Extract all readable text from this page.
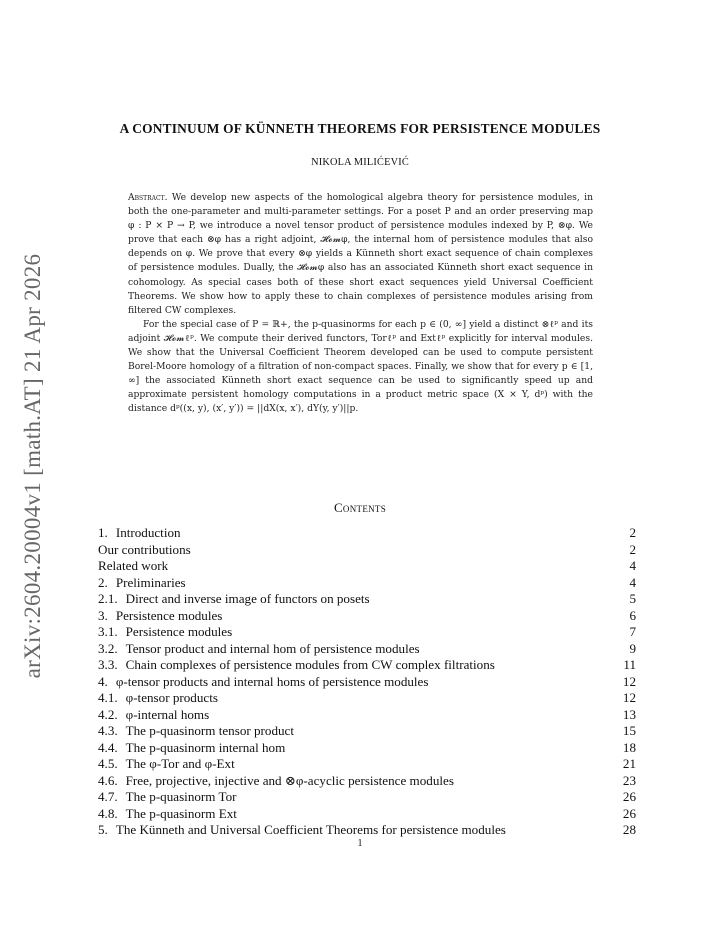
arXiv:2604.20004v1 [math.AT] 21 Apr 2026
A CONTINUUM OF KÜNNETH THEOREMS FOR PERSISTENCE MODULES
NIKOLA MILIĆEVIĆ

Abstract. We develop new aspects of the homological algebra theory for persistence modules, in both the one-parameter and multi-parameter settings. For a poset P and an order preserving map φ : P × P → P, we introduce a novel tensor product of persistence modules indexed by P, ⊗φ. We prove that each ⊗φ has a right adjoint, 𝓗𝓸𝓶φ, the internal hom of persistence modules that also depends on φ. We prove that every ⊗φ yields a Künneth short exact sequence of chain complexes of persistence modules. Dually, the 𝓗𝓸𝓶φ also has an associated Künneth short exact sequence in cohomology. As special cases both of these short exact sequences yield Universal Coefficient Theorems. We show how to apply these to chain complexes of persistence modules arising from filtered CW complexes.

For the special case of P = ℝ+, the p-quasinorms for each p ∈ (0, ∞] yield a distinct ⊗ℓᵖ and its adjoint 𝓗𝓸𝓶ℓᵖ. We compute their derived functors, Torℓᵖ and Extℓᵖ explicitly for interval modules. We show that the Universal Coefficient Theorem developed can be used to compute persistent Borel-Moore homology of a filtration of non-compact spaces. Finally, we show that for every p ∈ [1, ∞] the associated Künneth short exact sequence can be used to significantly speed up and approximate persistent homology computations in a product metric space (X × Y, dᵖ) with the distance dᵖ((x, y), (x′, y′)) = ||dX(x, x′), dY(y, y′)||p.

Contents
1. Introduction	2
Our contributions	2
Related work	4
2. Preliminaries	4
2.1. Direct and inverse image of functors on posets	5
3. Persistence modules	6
3.1. Persistence modules	7
3.2. Tensor product and internal hom of persistence modules	9
3.3. Chain complexes of persistence modules from CW complex filtrations	11
4. φ-tensor products and internal homs of persistence modules	12
4.1. φ-tensor products	12
4.2. φ-internal homs	13
4.3. The p-quasinorm tensor product	15
4.4. The p-quasinorm internal hom	18
4.5. The φ-Tor and φ-Ext	21
4.6. Free, projective, injective and ⊗φ-acyclic persistence modules	23
4.7. The p-quasinorm Tor	26
4.8. The p-quasinorm Ext	26
5. The Künneth and Universal Coefficient Theorems for persistence modules	28
1
